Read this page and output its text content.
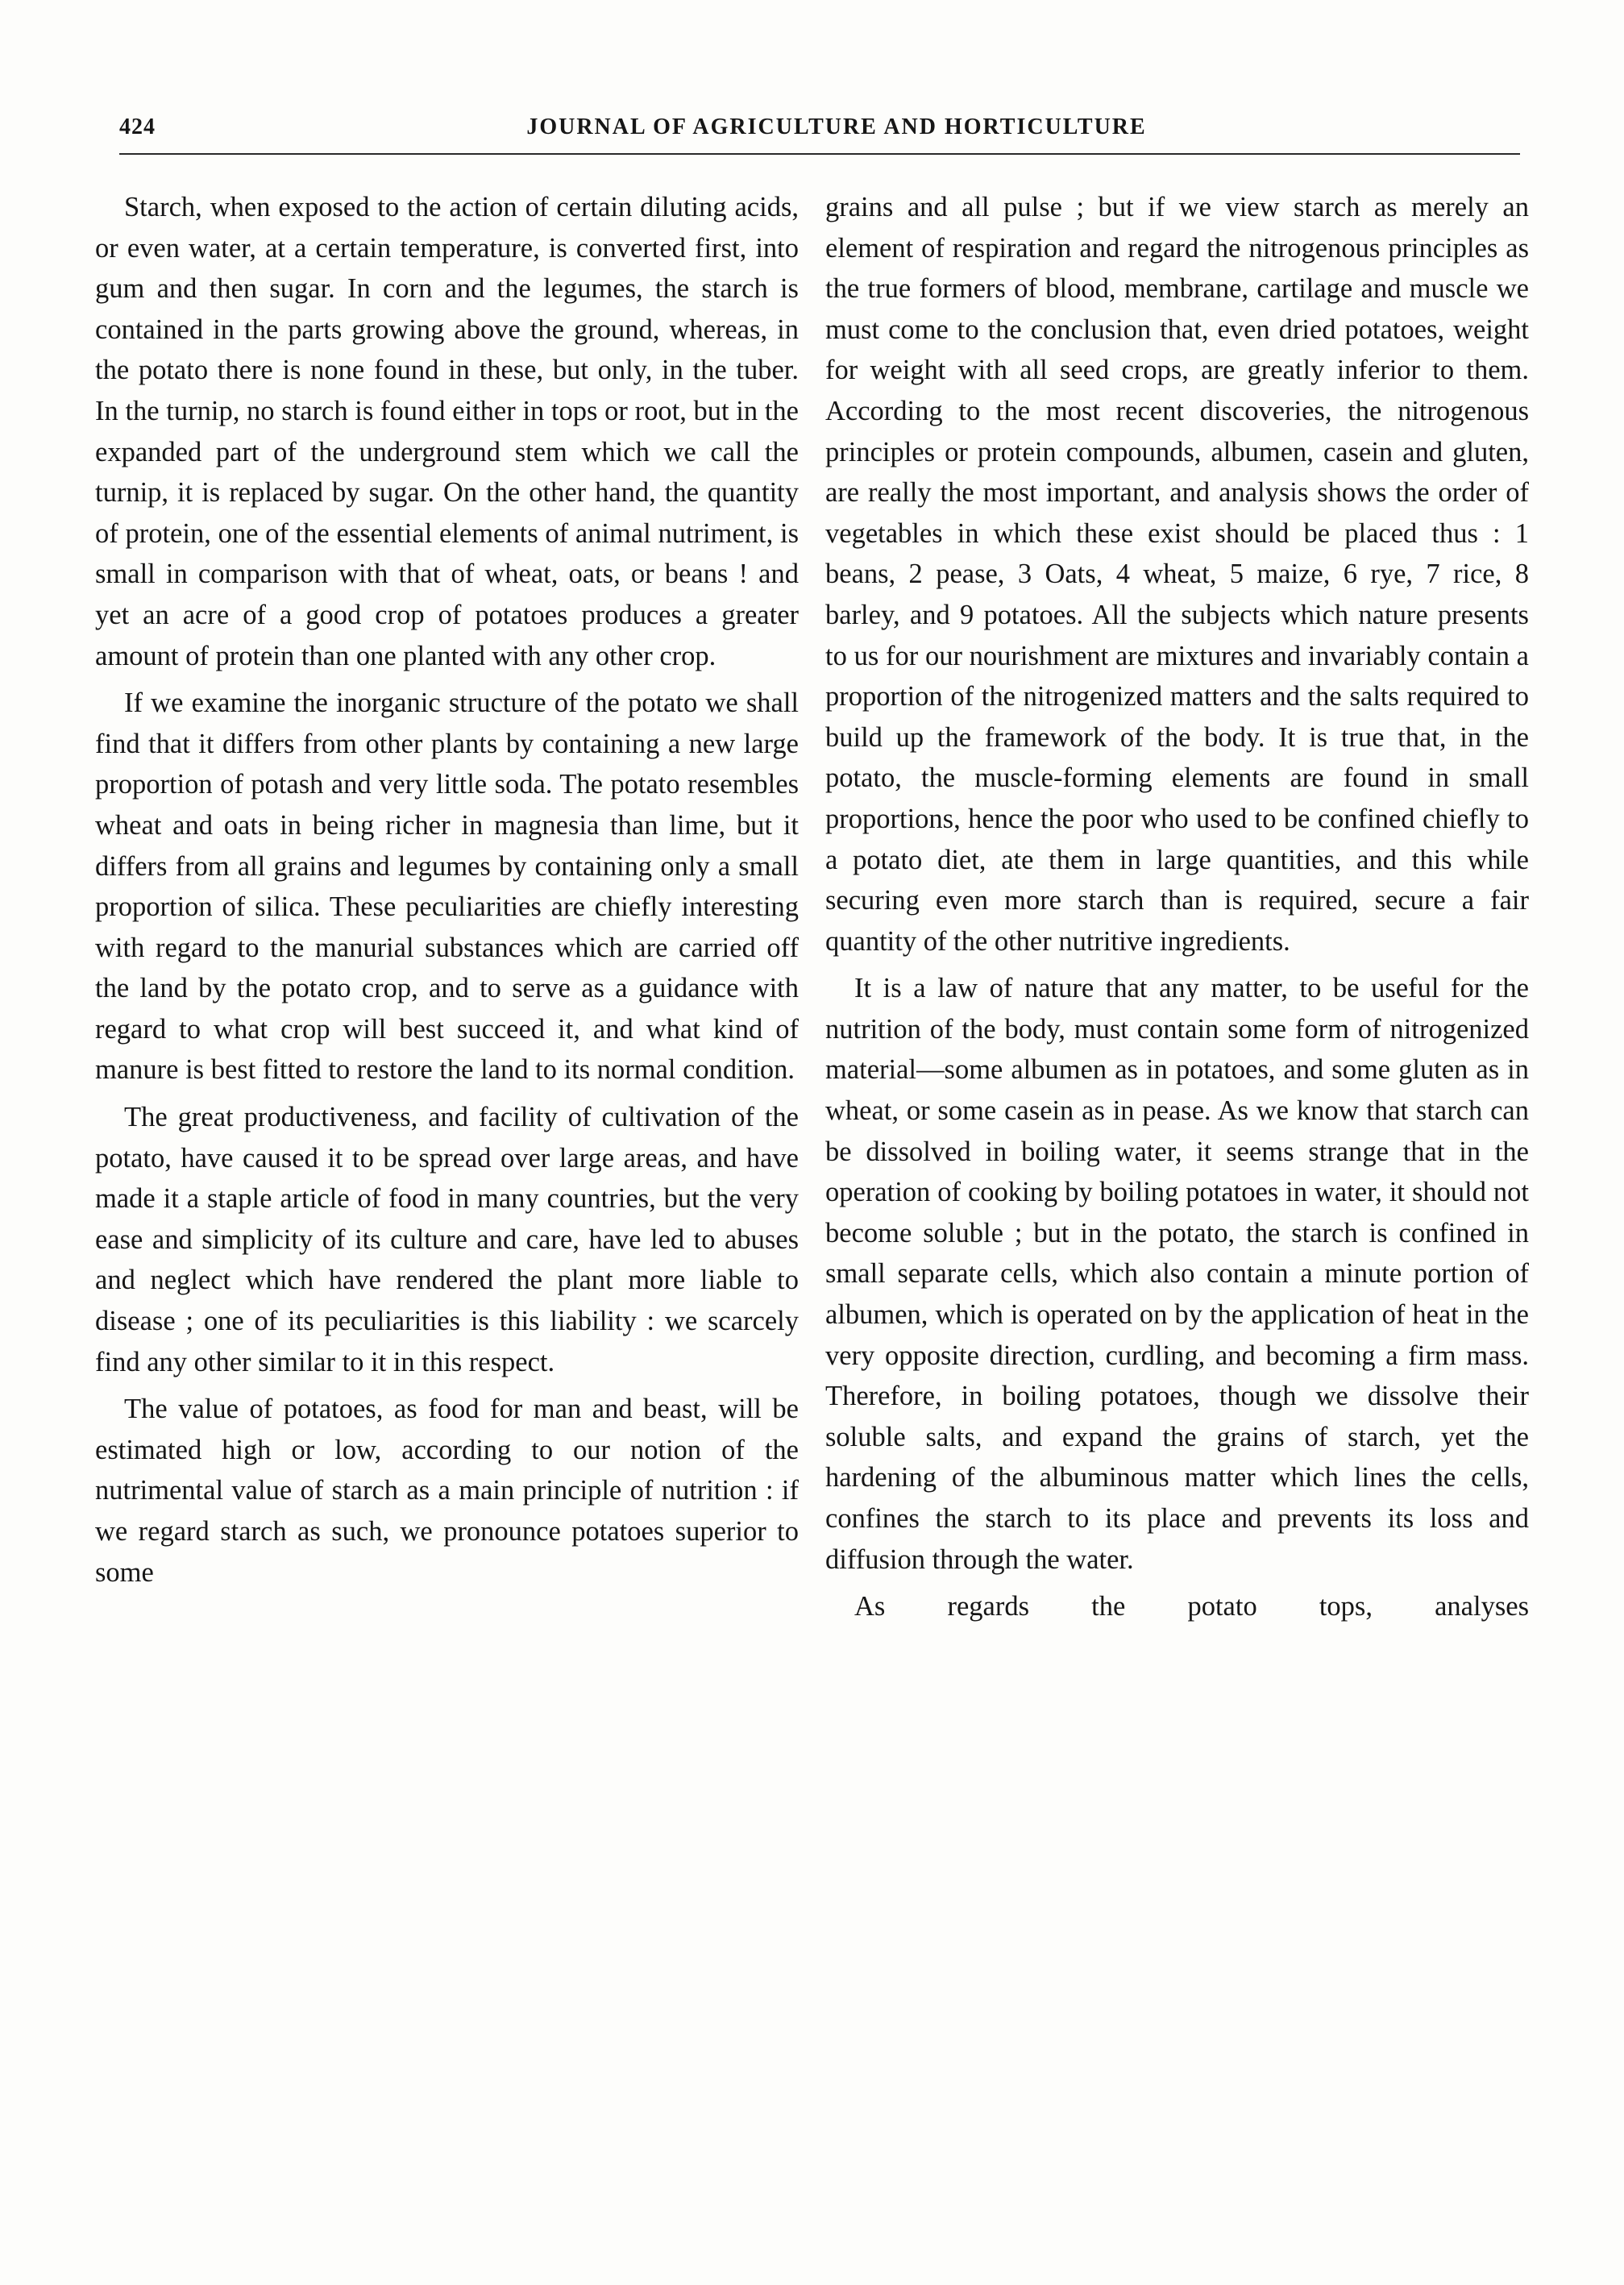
424	JOURNAL OF AGRICULTURE AND HORTICULTURE

Starch, when exposed to the action of certain diluting acids, or even water, at a certain temperature, is converted first, into gum and then sugar. In corn and the legumes, the starch is contained in the parts growing above the ground, whereas, in the potato there is none found in these, but only, in the tuber. In the turnip, no starch is found either in tops or root, but in the expanded part of the underground stem which we call the turnip, it is replaced by sugar. On the other hand, the quantity of protein, one of the essential elements of animal nutriment, is small in comparison with that of wheat, oats, or beans ! and yet an acre of a good crop of potatoes produces a greater amount of protein than one planted with any other crop.

If we examine the inorganic structure of the potato we shall find that it differs from other plants by containing a new large proportion of potash and very little soda. The potato resembles wheat and oats in being richer in magnesia than lime, but it differs from all grains and legumes by containing only a small proportion of silica. These peculiarities are chiefly interesting with regard to the manurial substances which are carried off the land by the potato crop, and to serve as a guidance with regard to what crop will best succeed it, and what kind of manure is best fitted to restore the land to its normal condition.

The great productiveness, and facility of cultivation of the potato, have caused it to be spread over large areas, and have made it a staple article of food in many countries, but the very ease and simplicity of its culture and care, have led to abuses and neglect which have rendered the plant more liable to disease ; one of its peculiarities is this liability : we scarcely find any other similar to it in this respect.

The value of potatoes, as food for man and beast, will be estimated high or low, according to our notion of the nutrimental value of starch as a main principle of nutrition : if we regard starch as such, we pronounce potatoes superior to some

grains and all pulse ; but if we view starch as merely an element of respiration and regard the nitrogenous principles as the true formers of blood, membrane, cartilage and muscle we must come to the conclusion that, even dried potatoes, weight for weight with all seed crops, are greatly inferior to them. According to the most recent discoveries, the nitrogenous principles or protein compounds, albumen, casein and gluten, are really the most important, and analysis shows the order of vegetables in which these exist should be placed thus : 1 beans, 2 pease, 3 Oats, 4 wheat, 5 maize, 6 rye, 7 rice, 8 barley, and 9 potatoes. All the subjects which nature presents to us for our nourishment are mixtures and invariably contain a proportion of the nitrogenized matters and the salts required to build up the framework of the body. It is true that, in the potato, the muscle-forming elements are found in small proportions, hence the poor who used to be confined chiefly to a potato diet, ate them in large quantities, and this while securing even more starch than is required, secure a fair quantity of the other nutritive ingredients.

It is a law of nature that any matter, to be useful for the nutrition of the body, must contain some form of nitrogenized material—some albumen as in potatoes, and some gluten as in wheat, or some casein as in pease. As we know that starch can be dissolved in boiling water, it seems strange that in the operation of cooking by boiling potatoes in water, it should not become soluble ; but in the potato, the starch is confined in small separate cells, which also contain a minute portion of albumen, which is operated on by the application of heat in the very opposite direction, curdling, and becoming a firm mass. Therefore, in boiling potatoes, though we dissolve their soluble salts, and expand the grains of starch, yet the hardening of the albuminous matter which lines the cells, confines the starch to its place and prevents its loss and diffusion through the water.

As regards the potato tops, analyses
